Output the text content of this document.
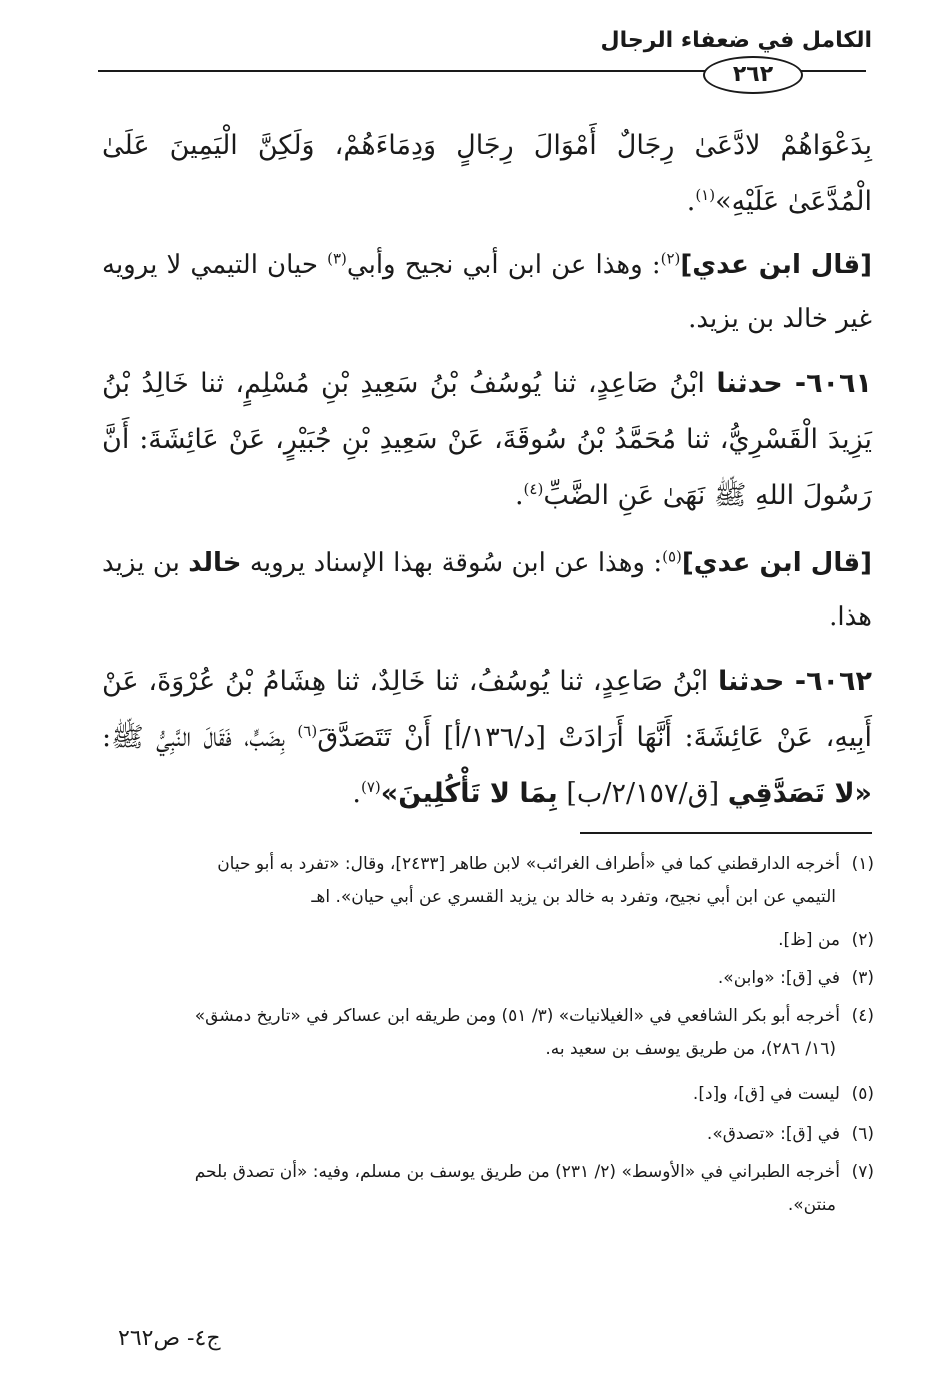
الكامل في ضعفاء الرجال
٢٦٢
بِدَعْوَاهُمْ لادَّعَىٰ رِجَالٌ أَمْوَالَ رِجَالٍ وَدِمَاءَهُمْ، وَلَكِنَّ الْيَمِينَ عَلَىٰ الْمُدَّعَىٰ عَلَيْهِ»$^{(١)}$.
[قال ابن عدي]$^{(٢)}$: وهذا عن ابن أبي نجيح وأبي$^{(٣)}$ حيان التيمي لا يرويه غير خالد بن يزيد.
٦٠٦١- حدثنا ابْنُ صَاعِدٍ، ثنا يُوسُفُ بْنُ سَعِيدِ بْنِ مُسْلِمٍ، ثنا خَالِدُ بْنُ يَزِيدَ الْقَسْرِيُّ، ثنا مُحَمَّدُ بْنُ سُوقَةَ، عَنْ سَعِيدِ بْنِ جُبَيْرٍ، عَنْ عَائِشَةَ: أَنَّ رَسُولَ اللهِ ﷺ نَهَىٰ عَنِ الضَّبِّ$^{(٤)}$.
[قال ابن عدي]$^{(٥)}$: وهذا عن ابن سُوقة بهذا الإسناد يرويه خالد بن يزيد هذا.
٦٠٦٢- حدثنا ابْنُ صَاعِدٍ، ثنا يُوسُفُ، ثنا خَالِدٌ، ثنا هِشَامُ بْنُ عُرْوَةَ، عَنْ أَبِيهِ، عَنْ عَائِشَةَ: أَنَّهَا أَرَادَتْ [د/١٣٦/أ] أَنْ تَتَصَدَّقَ$^{(٦)}$ بِضَبٍّ، فَقَالَ النَّبِيُّ ﷺ: «لا تَصَدَّقِي [ق/٢/١٥٧/ب] بِمَا لا تَأْكُلِينَ»$^{(٧)}$.
(١)أخرجه الدارقطني كما في «أطراف الغرائب» لابن طاهر [٢٤٣٣]، وقال: «تفرد به أبو حيان
التيمي عن ابن أبي نجيح، وتفرد به خالد بن يزيد القسري عن أبي حيان». اهـ
(٢)من [ظ].
(٣)في [ق]: «وابن».
(٤)أخرجه أبو بكر الشافعي في «الغيلانيات» (٣/ ٥١) ومن طريقه ابن عساكر في «تاريخ دمشق»
(١٦/ ٢٨٦)، من طريق يوسف بن سعيد به.
(٥)ليست في [ق]، و[د].
(٦)في [ق]: «تصدق».
(٧)أخرجه الطبراني في «الأوسط» (٢/ ٢٣١) من طريق يوسف بن مسلم، وفيه: «أن تصدق بلحم
منتن».
ج٤- ص٢٦٢
